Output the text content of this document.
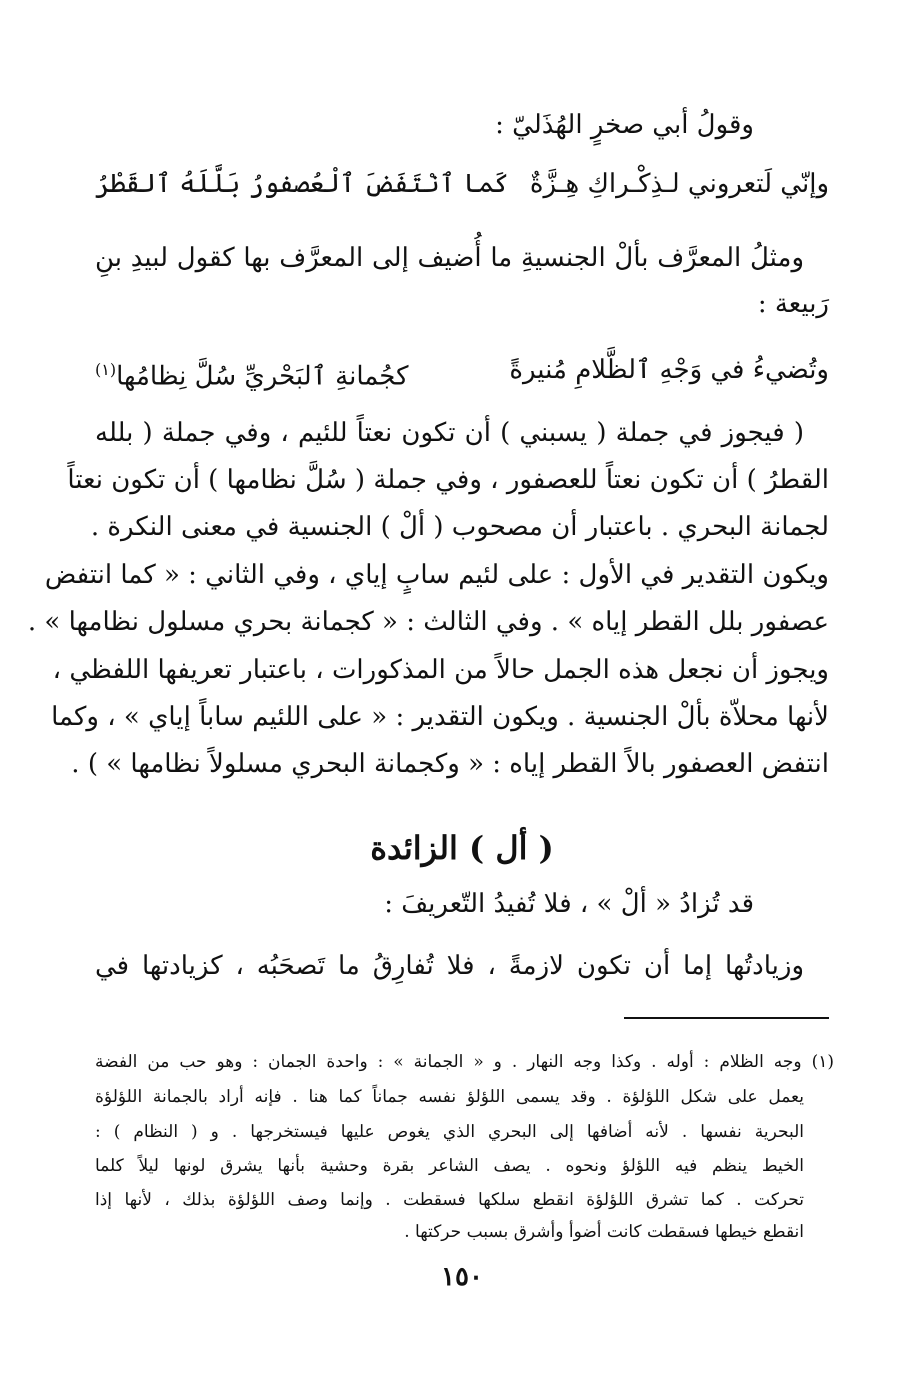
وقولُ أبي صخرٍ الهُذَليّ :
وإنّي لَتعروني لـذِكْـراكِ هِـزَّةٌ
كَما ٱنْتَفَضَ ٱلْعُصفورُ بَلَّلَهُ ٱلقَطْرُ
ومثلُ المعرَّف بألْ الجنسيةِ ما أُضيف إلى المعرَّف بها كقول لبيدِ بنِ
رَبيعة :
وتُضيءُ في وَجْهِ ٱلظَّلامِ مُنيرةً
كجُمانةِ ٱلبَحْريِّ سُلَّ نِظامُها$^{(١)}$
( فيجوز في جملة ( يسبني ) أن تكون نعتاً للئيم ، وفي جملة ( بلله
القطرُ ) أن تكون نعتاً للعصفور ، وفي جملة ( سُلَّ نظامها ) أن تكون نعتاً
لجمانة البحري . باعتبار أن مصحوب ( ألْ ) الجنسية في معنى النكرة .
ويكون التقدير في الأول : على لئيم سابٍ إياي ، وفي الثاني : « كما انتفض
عصفور بلل القطر إياه » . وفي الثالث : « كجمانة بحري مسلول نظامها » .
ويجوز أن نجعل هذه الجمل حالاً من المذكورات ، باعتبار تعريفها اللفظي ،
لأنها محلاّة بألْ الجنسية . ويكون التقدير : « على اللئيم ساباً إياي » ، وكما
انتفض العصفور بالاً القطر إياه : « وكجمانة البحري مسلولاً نظامها » ) .
( أل ) الزائدة
قد تُزادُ « ألْ » ، فلا تُفيدُ التّعريفَ :
وزيادتُها إما أن تكون لازمةً ، فلا تُفارِقُ ما تَصحَبُه ، كزيادتها في
(١) وجه الظلام : أوله . وكذا وجه النهار . و « الجمانة » : واحدة الجمان : وهو حب من الفضة
يعمل على شكل اللؤلؤة . وقد يسمى اللؤلؤ نفسه جماناً كما هنا . فإنه أراد بالجمانة اللؤلؤة
البحرية نفسها . لأنه أضافها إلى البحري الذي يغوص عليها فيستخرجها . و ( النظام ) :
الخيط ينظم فيه اللؤلؤ ونحوه . يصف الشاعر بقرة وحشية بأنها يشرق لونها ليلاً كلما
تحركت . كما تشرق اللؤلؤة انقطع سلكها فسقطت . وإنما وصف اللؤلؤة بذلك ، لأنها إذا
انقطع خيطها فسقطت كانت أضوأ وأشرق بسبب حركتها .
١٥٠
